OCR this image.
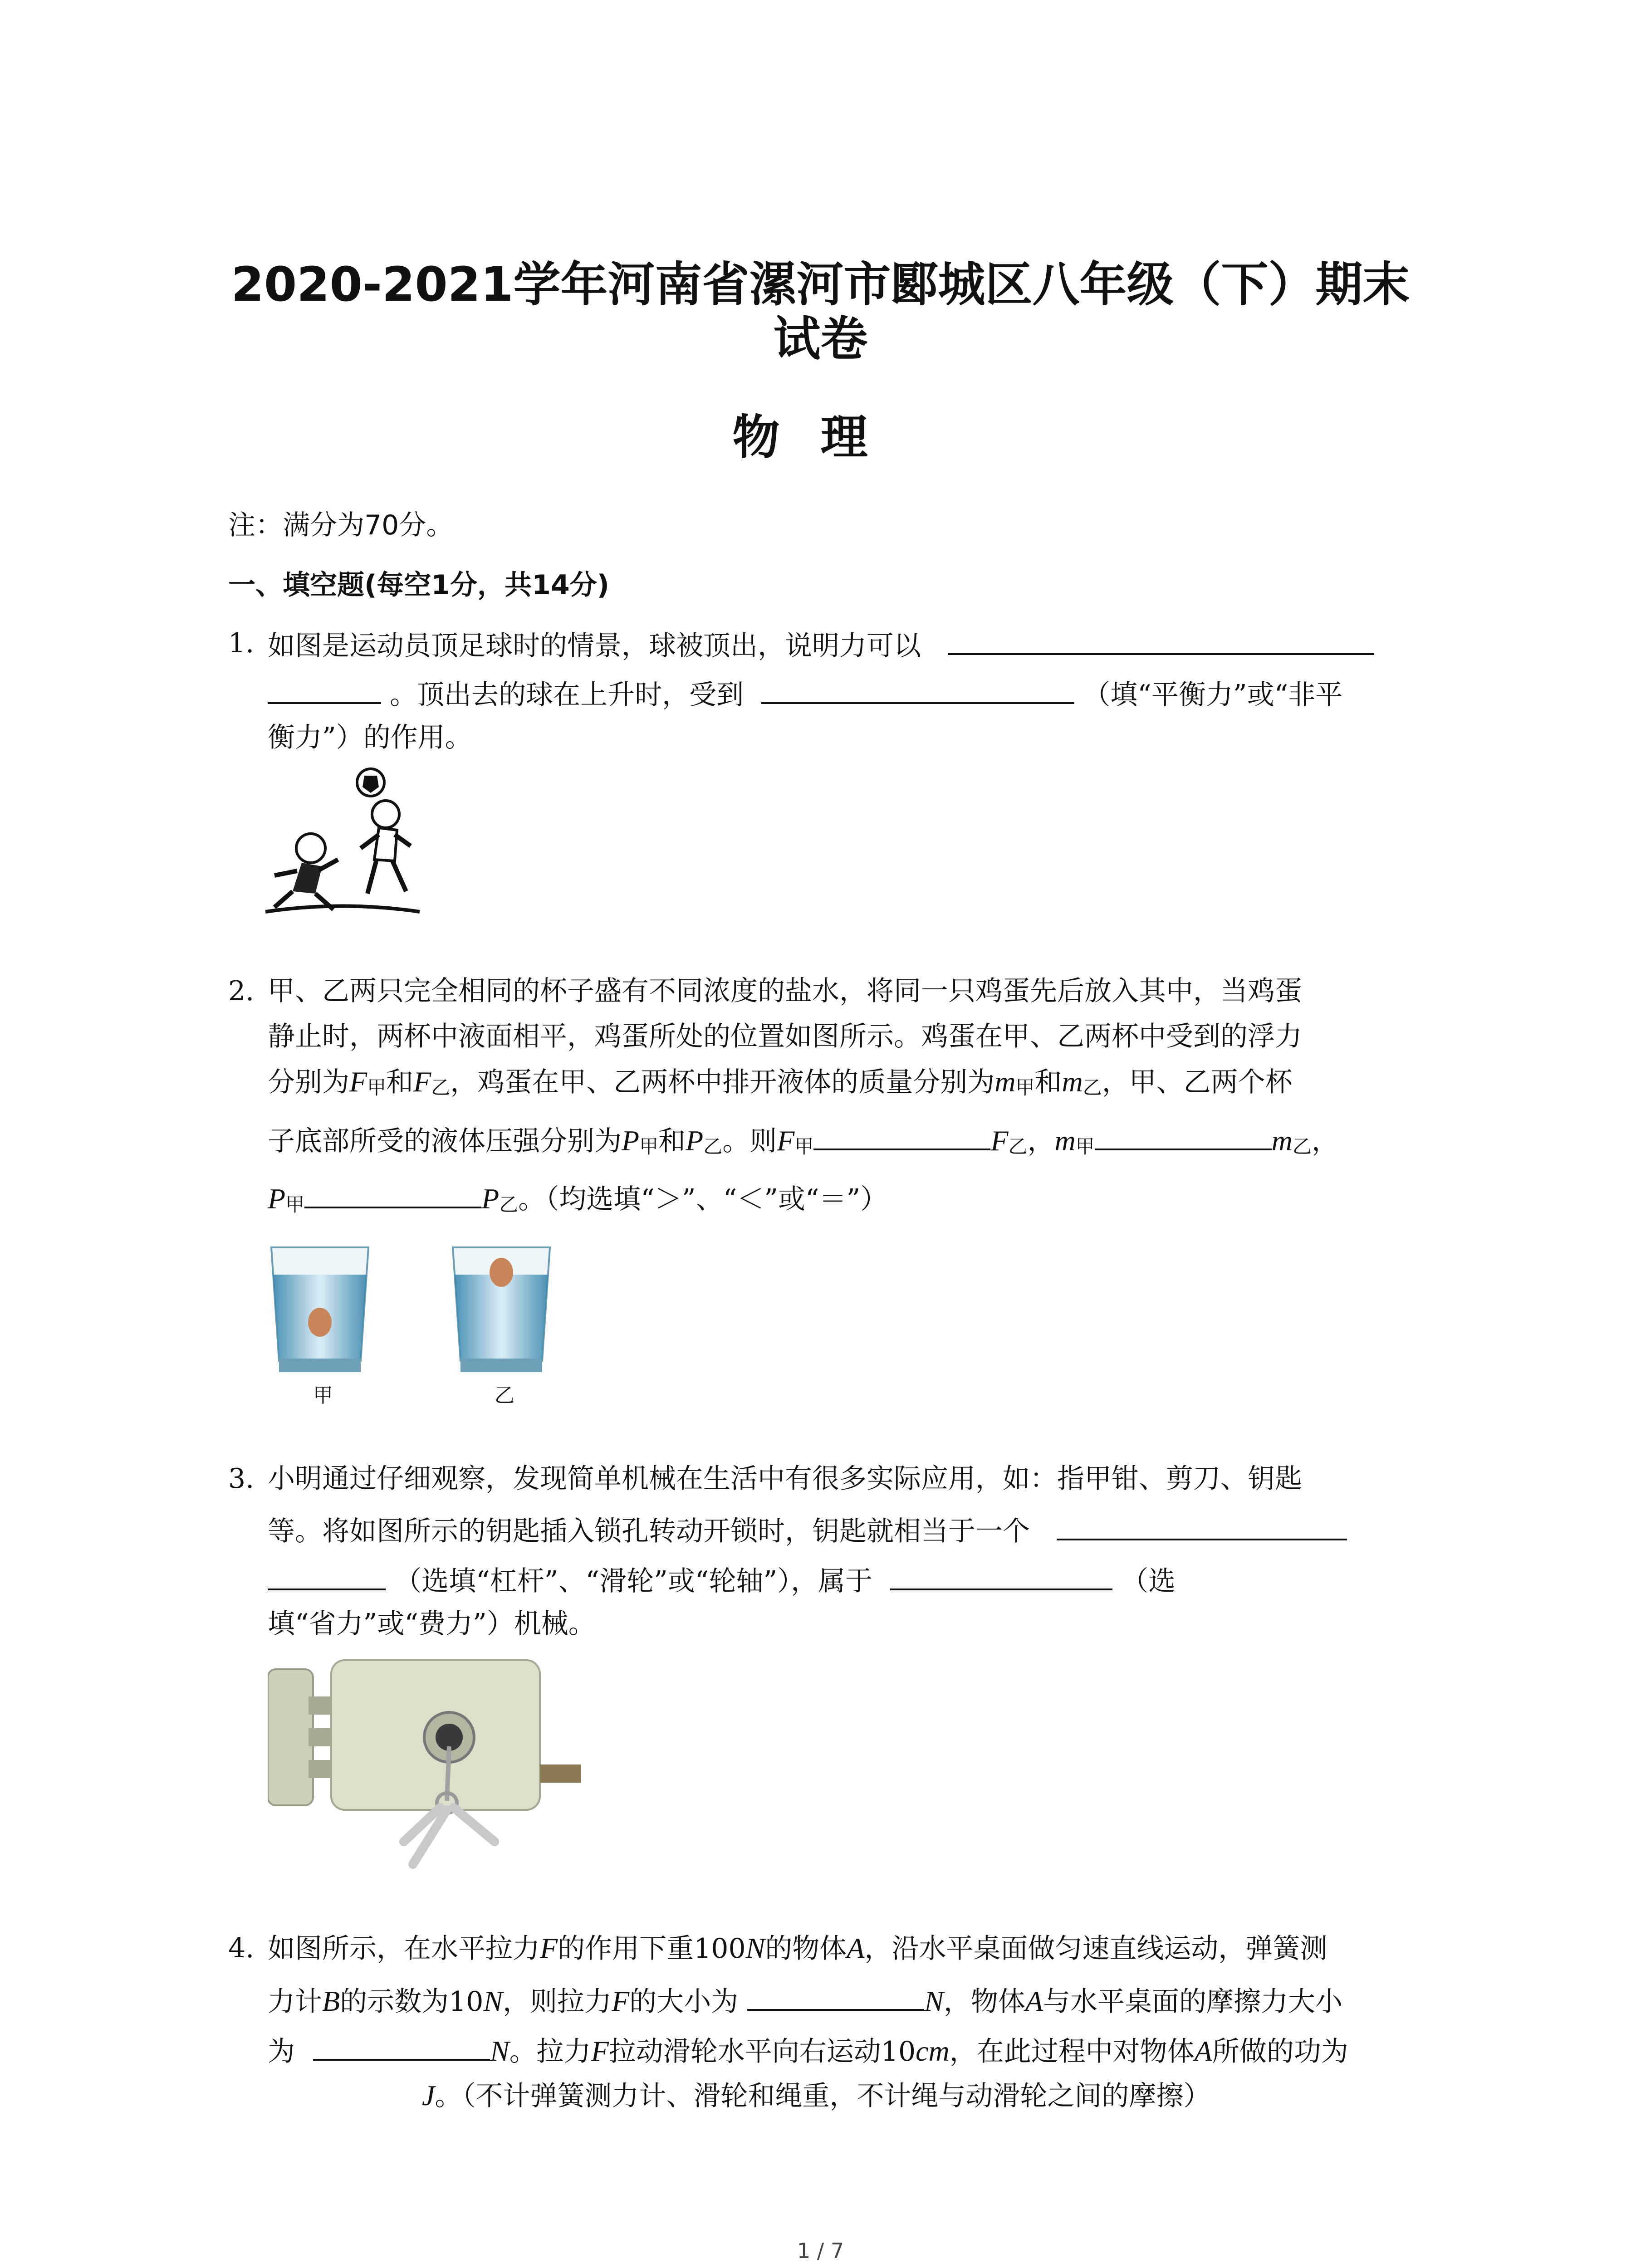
2020-2021学年河南省漯河市郾城区八年级（下）期末
试卷
物理
注：满分为70分。
一、填空题(每空1分，共14分)
1. 如图是运动员顶足球时的情景，球被顶出，说明力可以
。顶出去的球在上升时，受到	（填“平衡力”或“非平
衡力”）的作用。
2. 甲、乙两只完全相同的杯子盛有不同浓度的盐水，将同一只鸡蛋先后放入其中，当鸡蛋
静止时，两杯中液面相平，鸡蛋所处的位置如图所示。鸡蛋在甲、乙两杯中受到的浮力
分别为$F_甲$和$F_乙$，鸡蛋在甲、乙两杯中排开液体的质量分别为$m_甲$和$m_乙$，甲、乙两个杯
子底部所受的液体压强分别为$P_甲$和$P_乙$。则$F_甲$	$F_乙$，$m_甲$	$m_乙$，
$P_甲$	$P_乙$。（均选填“＞”、“＜”或“＝”）
甲	乙
3. 小明通过仔细观察，发现简单机械在生活中有很多实际应用，如：指甲钳、剪刀、钥匙
等。将如图所示的钥匙插入锁孔转动开锁时，钥匙就相当于一个
（选填“杠杆”、“滑轮”或“轮轴”），属于	（选
填“省力”或“费力”）机械。
4. 如图所示，在水平拉力F的作用下重100N的物体A，沿水平桌面做匀速直线运动，弹簧测
力计B的示数为10N，则拉力F的大小为	N，物体A与水平桌面的摩擦力大小
为	N。拉力F拉动滑轮水平向右运动10cm，在此过程中对物体A所做的功为
J。（不计弹簧测力计、滑轮和绳重，不计绳与动滑轮之间的摩擦）
1 / 7
